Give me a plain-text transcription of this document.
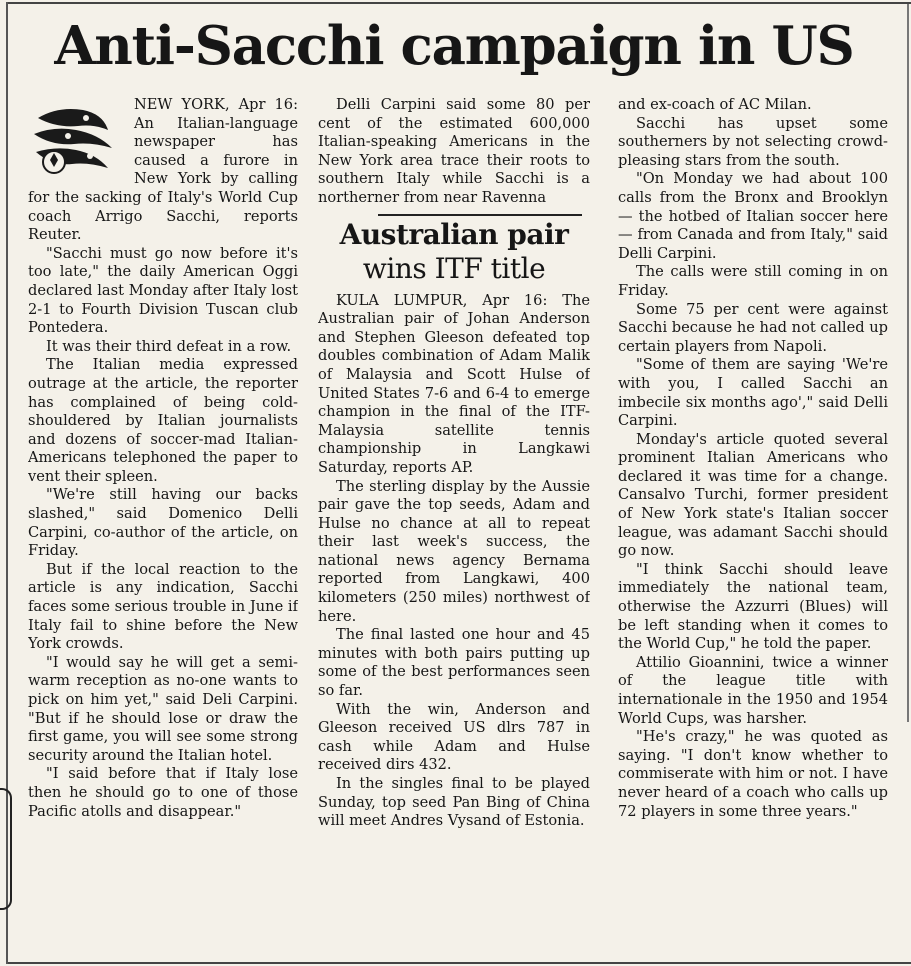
Anti-Sacchi campaign in US

NEW YORK, Apr 16: An Italian-language newspaper has caused a furore in New York by calling for the sacking of Italy's World Cup coach Arrigo Sacchi, reports Reuter.

"Sacchi must go now before it's too late," the daily American Oggi declared last Monday after Italy lost 2-1 to Fourth Division Tuscan club Pontedera.

It was their third defeat in a row.

The Italian media expressed outrage at the article, the reporter has complained of being cold-shouldered by Italian journalists and dozens of soccer-mad Italian-Americans telephoned the paper to vent their spleen.

"We're still having our backs slashed," said Domenico Delli Carpini, co-author of the article, on Friday.

But if the local reaction to the article is any indication, Sacchi faces some serious trouble in June if Italy fail to shine before the New York crowds.

"I would say he will get a semi-warm reception as no-one wants to pick on him yet," said Deli Carpini. "But if he should lose or draw the first game, you will see some strong security around the Italian hotel.

"I said before that if Italy lose then he should go to one of those Pacific atolls and disappear."

Delli Carpini said some 80 per cent of the estimated 600,000 Italian-speaking Americans in the New York area trace their roots to southern Italy while Sacchi is a northerner from near Ravenna

Australian pair
wins ITF title

KULA LUMPUR, Apr 16: The Australian pair of Johan Anderson and Stephen Gleeson defeated top doubles combination of Adam Malik of Malaysia and Scott Hulse of United States 7-6 and 6-4 to emerge champion in the final of the ITF-Malaysia satellite tennis championship in Langkawi Saturday, reports AP.

The sterling display by the Aussie pair gave the top seeds, Adam and Hulse no chance at all to repeat their last week's success, the national news agency Bernama reported from Langkawi, 400 kilometers (250 miles) northwest of here.

The final lasted one hour and 45 minutes with both pairs putting up some of the best performances seen so far.

With the win, Anderson and Gleeson received US dlrs 787 in cash while Adam and Hulse received dirs 432.

In the singles final to be played Sunday, top seed Pan Bing of China will meet Andres Vysand of Estonia.

and ex-coach of AC Milan.

Sacchi has upset some southerners by not selecting crowd-pleasing stars from the south.

"On Monday we had about 100 calls from the Bronx and Brooklyn — the hotbed of Italian soccer here — from Canada and from Italy," said Delli Carpini.

The calls were still coming in on Friday.

Some 75 per cent were against Sacchi because he had not called up certain players from Napoli.

"Some of them are saying 'We're with you, I called Sacchi an imbecile six months ago'," said Delli Carpini.

Monday's article quoted several prominent Italian Americans who declared it was time for a change. Cansalvo Turchi, former president of New York state's Italian soccer league, was adamant Sacchi should go now.

"I think Sacchi should leave immediately the national team, otherwise the Azzurri (Blues) will be left standing when it comes to the World Cup," he told the paper.

Attilio Gioannini, twice a winner of the league title with internationale in the 1950 and 1954 World Cups, was harsher.

"He's crazy," he was quoted as saying. "I don't know whether to commiserate with him or not. I have never heard of a coach who calls up 72 players in some three years."
